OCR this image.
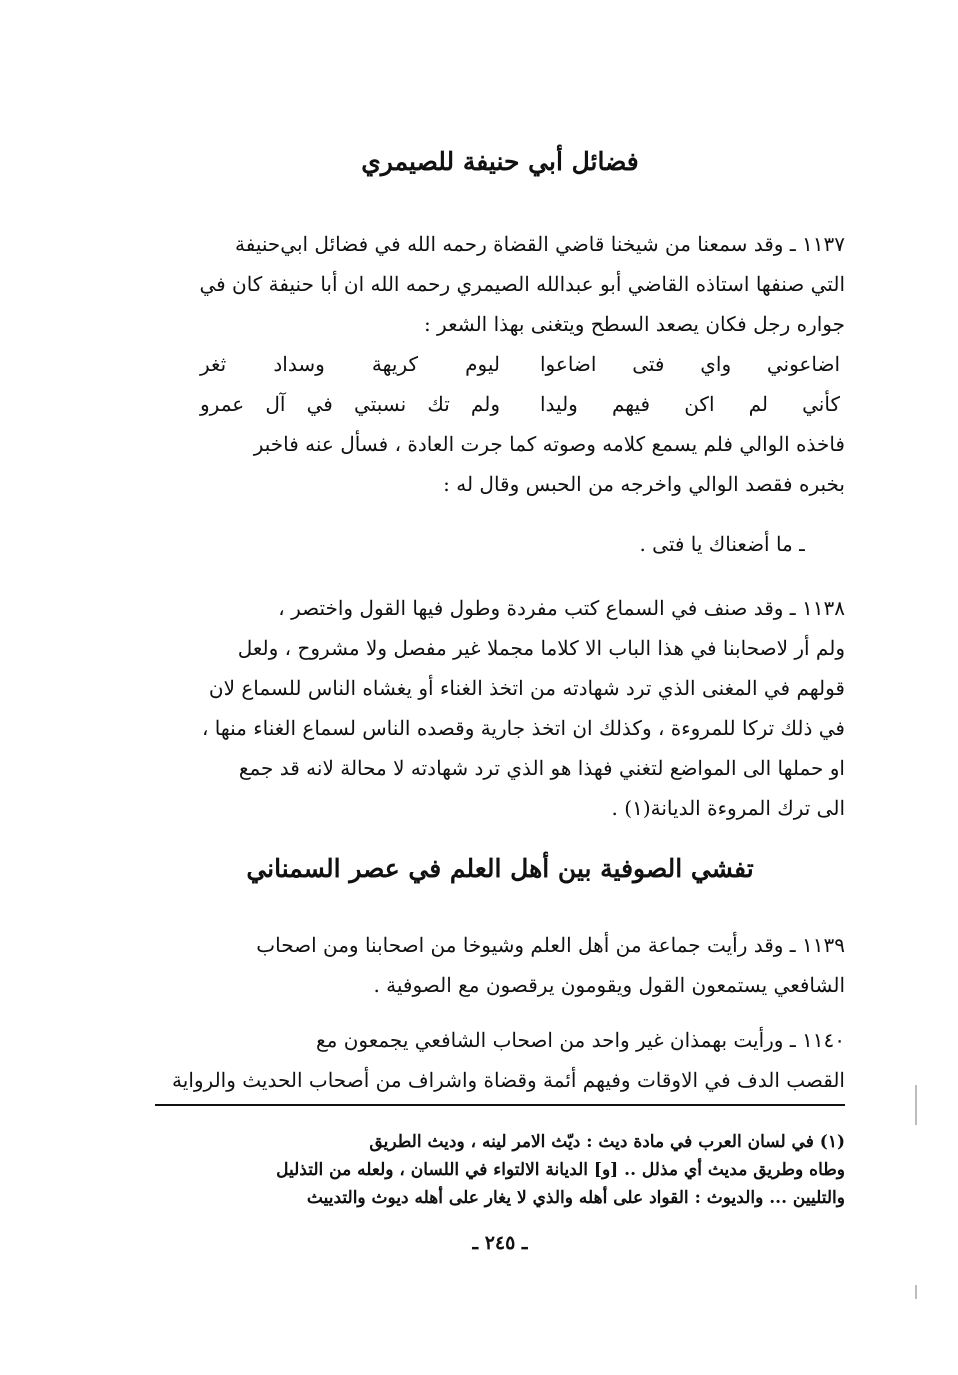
فضائل أبي حنيفة للصيمري
١١٣٧ ـ وقد سمعنا من شيخنا قاضي القضاة رحمه الله في فضائل ابي‌حنيفة
التي صنفها استاذه القاضي أبو عبدالله الصيمري رحمه الله ان أبا حنيفة كان في
جواره رجل فكان يصعد السطح ويتغنى بهذا الشعر :
اضاعوني واي فتى اضاعوا
ليوم كريهة وسداد ثغر
كأني لم اكن فيهم وليدا
ولم تك نسبتي في آل عمرو
فاخذه الوالي فلم يسمع كلامه وصوته كما جرت العادة ، فسأل عنه فاخبر
بخبره فقصد الوالي واخرجه من الحبس وقال له :
ـ ما أضعناك يا فتى .
١١٣٨ ـ وقد صنف في السماع كتب مفردة وطول فيها القول واختصر ،
ولم أر لاصحابنا في هذا الباب الا كلاما مجملا غير مفصل ولا مشروح ، ولعل
قولهم في المغنى الذي ترد شهادته من اتخذ الغناء أو يغشاه الناس للسماع لان
في ذلك تركا للمروءة ، وكذلك ان اتخذ جارية وقصده الناس لسماع الغناء منها ،
او حملها الى المواضع لتغني فهذا هو الذي ترد شهادته لا محالة لانه قد جمع
الى ترك المروءة الديانة(١) .
تفشي الصوفية بين أهل العلم في عصر السمناني
١١٣٩ ـ وقد رأيت جماعة من أهل العلم وشيوخا من اصحابنا ومن اصحاب
الشافعي يستمعون القول ويقومون يرقصون مع الصوفية .
١١٤٠ ـ ورأيت بهمذان غير واحد من اصحاب الشافعي يجمعون مع
القصب الدف في الاوقات وفيهم أئمة وقضاة واشراف من أصحاب الحديث والرواية
(١) في لسان العرب في مادة ديث : ديّث الامر لينه ، وديث الطريق
وطاه وطريق مديث أي مذلل .. [و] الديانة الالتواء في اللسان ، ولعله من التذليل
والتليين ... والديوث : القواد على أهله والذي لا يغار على أهله ديوث والتدييث
ـ ٢٤٥ ـ
